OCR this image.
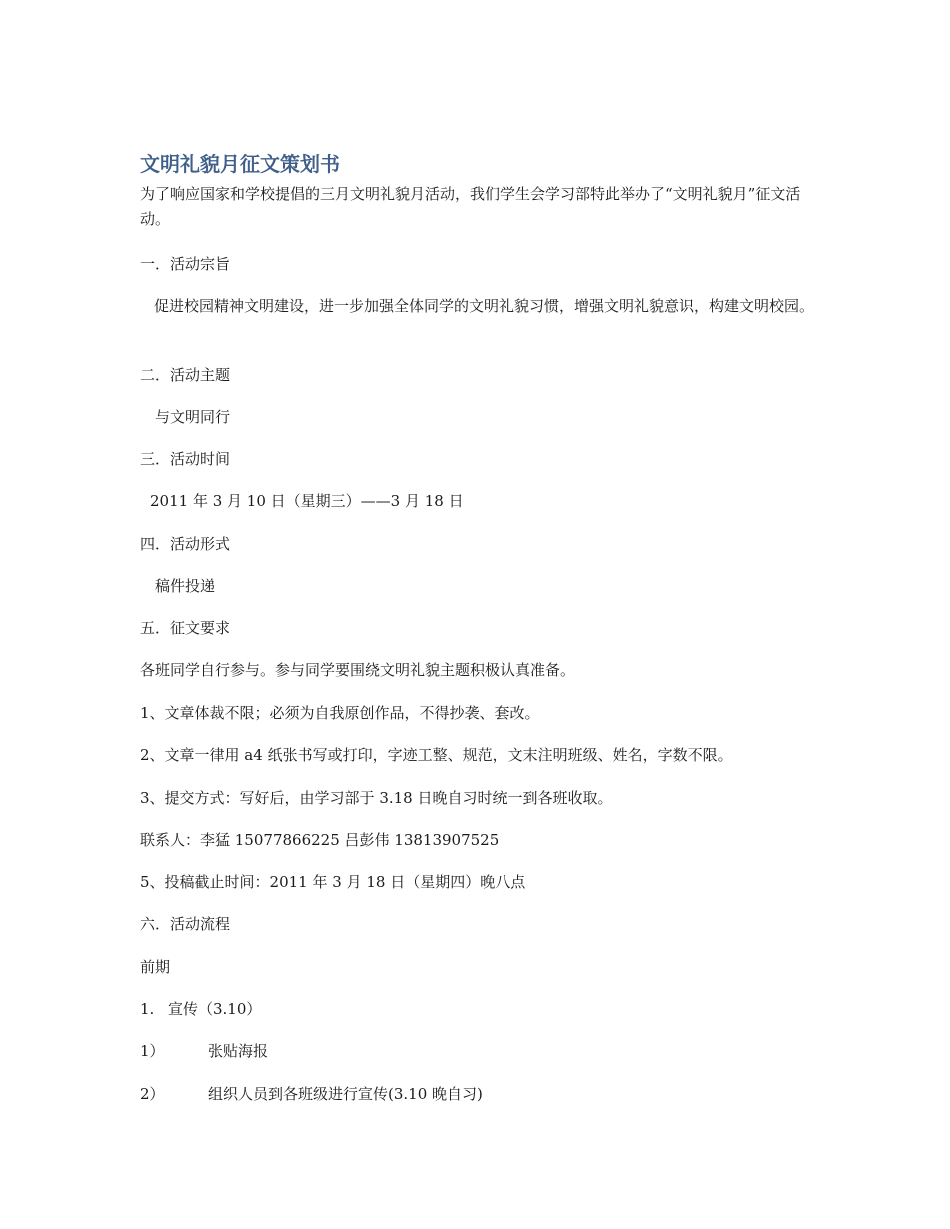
文明礼貌月征文策划书
为了响应国家和学校提倡的三月文明礼貌月活动，我们学生会学习部特此举办了“文明礼貌月”征文活动。
一．活动宗旨
促进校园精神文明建设，进一步加强全体同学的文明礼貌习惯，增强文明礼貌意识，构建文明校园。
二．活动主题
与文明同行
三．活动时间
2011 年 3 月 10 日（星期三）——3 月 18 日
四．活动形式
稿件投递
五．征文要求
各班同学自行参与。参与同学要围绕文明礼貌主题积极认真准备。
1、文章体裁不限；必须为自我原创作品，不得抄袭、套改。
2、文章一律用 a4 纸张书写或打印，字迹工整、规范，文末注明班级、姓名，字数不限。
3、提交方式：写好后，由学习部于 3.18 日晚自习时统一到各班收取。
联系人：李猛 15077866225 吕彭伟 13813907525
5、投稿截止时间：2011 年 3 月 18 日（星期四）晚八点
六．活动流程
前期
1. 宣传（3.10）
1）	张贴海报
2）	组织人员到各班级进行宣传(3.10 晚自习)
